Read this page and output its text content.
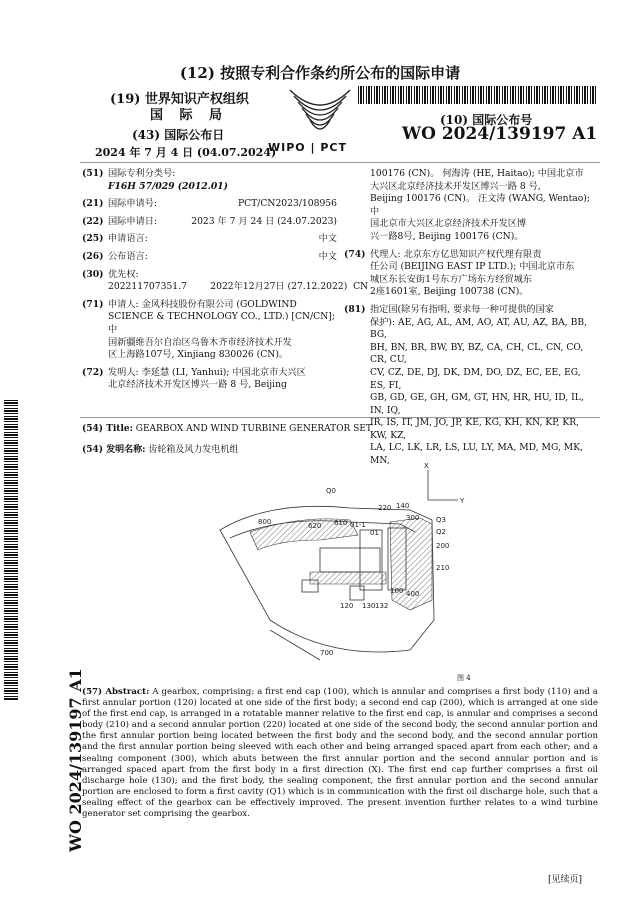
(12) 按照专利合作条约所公布的国际申请
(19) 世界知识产权组织
国 际 局
(43) 国际公布日
2024 年 7 月 4 日 (04.07.2024)
WIPO | PCT
(10) 国际公布号
WO 2024/139197 A1
WO 2024/139197 A1
(51) 国际专利分类号:
F16H 57/029 (2012.01)
(21) 国际申请号:	PCT/CN2023/108956
(22) 国际申请日:	2023 年 7 月 24 日 (24.07.2023)
(25) 申请语言:	中文
(26) 公布语言:	中文
(30) 优先权:
202211707351.7        2022年12月27日 (27.12.2022)  CN
(71) 申请人: 金风科技股份有限公司 (GOLDWIND
SCIENCE & TECHNOLOGY CO., LTD.) [CN/CN]; 中
国新疆维吾尔自治区乌鲁木齐市经济技术开发
区上海路107号, Xinjiang 830026 (CN)。
(72) 发明人: 李延慧 (LI, Yanhui); 中国北京市大兴区
北京经济技术开发区博兴一路 8 号, Beijing
100176 (CN)。 何海涛 (HE, Haitao); 中国北京市
大兴区北京经济技术开发区博兴一路 8 号,
Beijing 100176 (CN)。 汪文涛 (WANG, Wentao); 中
国北京市大兴区北京经济技术开发区博
兴一路8号, Beijing 100176 (CN)。
(74) 代理人: 北京东方亿思知识产权代理有限责
任公司 (BEIJING EAST IP LTD.); 中国北京市东
城区东长安街1号东方广场东方经贸城东
2座1601室, Beijing 100738 (CN)。
(81) 指定国(除另有指明, 要求每一种可提供的国家
保护): AE, AG, AL, AM, AO, AT, AU, AZ, BA, BB, BG,
BH, BN, BR, BW, BY, BZ, CA, CH, CL, CN, CO, CR, CU,
CV, CZ, DE, DJ, DK, DM, DO, DZ, EC, EE, EG, ES, FI,
GB, GD, GE, GH, GM, GT, HN, HR, HU, ID, IL, IN, IQ,
IR, IS, IT, JM, JO, JP, KE, KG, KH, KN, KP, KR, KW, KZ,
LA, LC, LK, LR, LS, LU, LY, MA, MD, MG, MK, MN,
(54) Title: GEARBOX AND WIND TURBINE GENERATOR SET
(54) 发明名称: 齿轮箱及风力发电机组
X
Y
Q0
800	620 610 01-1
220 140
01	Q2
Q3
200
210
100 400
130 132
120
700
300
图 4
(57) Abstract: A gearbox, comprising: a first end cap (100), which is annular and comprises a first body (110) and a first annular portion (120) located at one side of the first body; a second end cap (200), which is arranged at one side of the first end cap, is arranged in a rotatable manner relative to the first end cap, is annular and comprises a second body (210) and a second annular portion (220) located at one side of the second body, the second annular portion and the first annular portion being located between the first body and the second body, and the second annular portion and the first annular portion being sleeved with each other and being arranged spaced apart from each other; and a sealing component (300), which abuts between the first annular portion and the second annular portion and is arranged spaced apart from the first body in a first direction (X). The first end cap further comprises a first oil discharge hole (130); and the first body, the sealing component, the first annular portion and the second annular portion are enclosed to form a first cavity (Q1) which is in communication with the first oil discharge hole, such that a sealing effect of the gearbox can be effectively improved. The present invention further relates to a wind turbine generator set comprising the gearbox.
[见续页]
